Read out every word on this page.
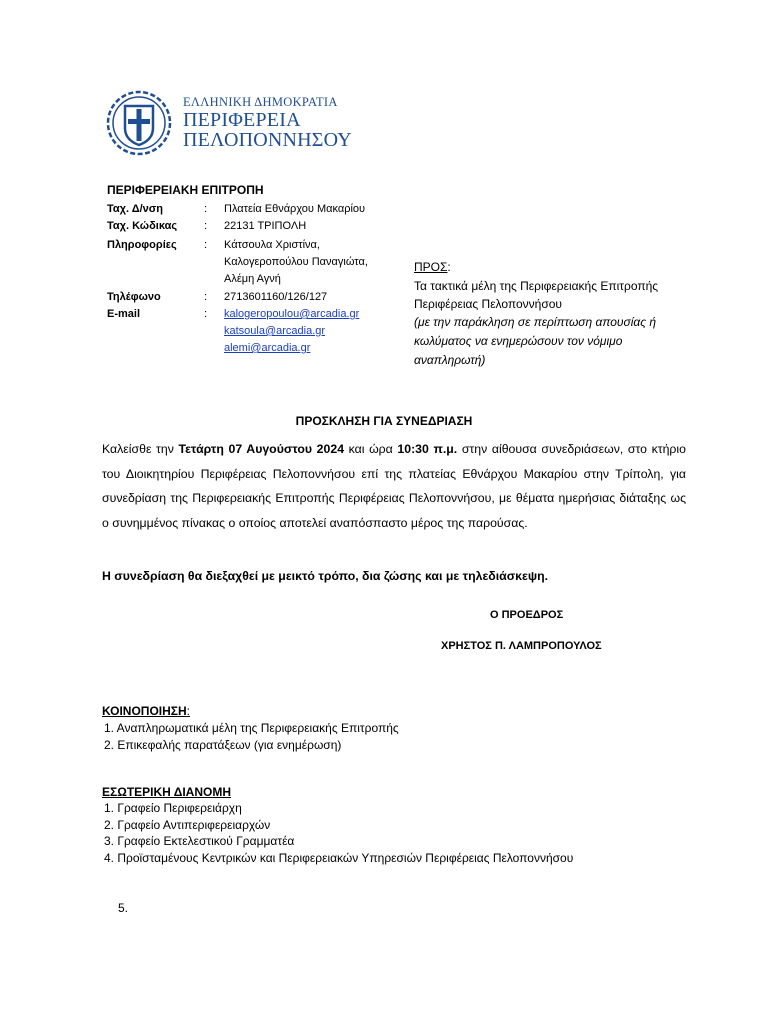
ΕΛΛΗΝΙΚΗ ΔΗΜΟΚΡΑΤΙΑ
ΠΕΡΙΦΕΡΕΙΑ
ΠΕΛΟΠΟΝΝΗΣΟΥ
ΠΕΡΙΦΕΡΕΙΑΚΗ ΕΠΙΤΡΟΠΗ
Ταχ. Δ/νση	: Πλατεία Εθνάρχου Μακαρίου
Ταχ. Κώδικας : 22131 ΤΡΙΠΟΛΗ
Πληροφορίες : Κάτσουλα Χριστίνα,
Καλογεροπούλου Παναγιώτα,
Αλέμη Αγνή
Τηλέφωνο	: 2713601160/126/127
E-mail	: kalogeropoulou@arcadia.gr
katsoula@arcadia.gr
alemi@arcadia.gr
ΠΡΟΣ:
Τα τακτικά μέλη της Περιφερειακής Επιτροπής
Περιφέρειας Πελοποννήσου
(με την παράκληση σε περίπτωση απουσίας ή
κωλύματος να ενημερώσουν τον νόμιμο
αναπληρωτή)
ΠΡΟΣΚΛΗΣΗ ΓΙΑ ΣΥΝΕΔΡΙΑΣΗ
Καλείσθε την Τετάρτη 07 Αυγούστου 2024 και ώρα 10:30 π.μ. στην αίθουσα συνεδριάσεων, στο κτήριο του Διοικητηρίου Περιφέρειας Πελοποννήσου επί της πλατείας Εθνάρχου Μακαρίου στην Τρίπολη, για συνεδρίαση της Περιφερειακής Επιτροπής Περιφέρειας Πελοποννήσου, με θέματα ημερήσιας διάταξης ως ο συνημμένος πίνακας ο οποίος αποτελεί αναπόσπαστο μέρος της παρούσας.
Η συνεδρίαση θα διεξαχθεί με μεικτό τρόπο, δια ζώσης και με τηλεδιάσκεψη.
Ο ΠΡΟΕΔΡΟΣ
ΧΡΗΣΤΟΣ Π. ΛΑΜΠΡΟΠΟΥΛΟΣ
ΚΟΙΝΟΠΟΙΗΣΗ:
1. Αναπληρωματικά μέλη της Περιφερειακής Επιτροπής
2. Επικεφαλής παρατάξεων (για ενημέρωση)
ΕΣΩΤΕΡΙΚΗ ΔΙΑΝΟΜΗ
1. Γραφείο Περιφερειάρχη
2. Γραφείο Αντιπεριφερειαρχών
3. Γραφείο Εκτελεστικού Γραμματέα
4. Προϊσταμένους Κεντρικών και Περιφερειακών Υπηρεσιών Περιφέρειας Πελοποννήσου
5.
